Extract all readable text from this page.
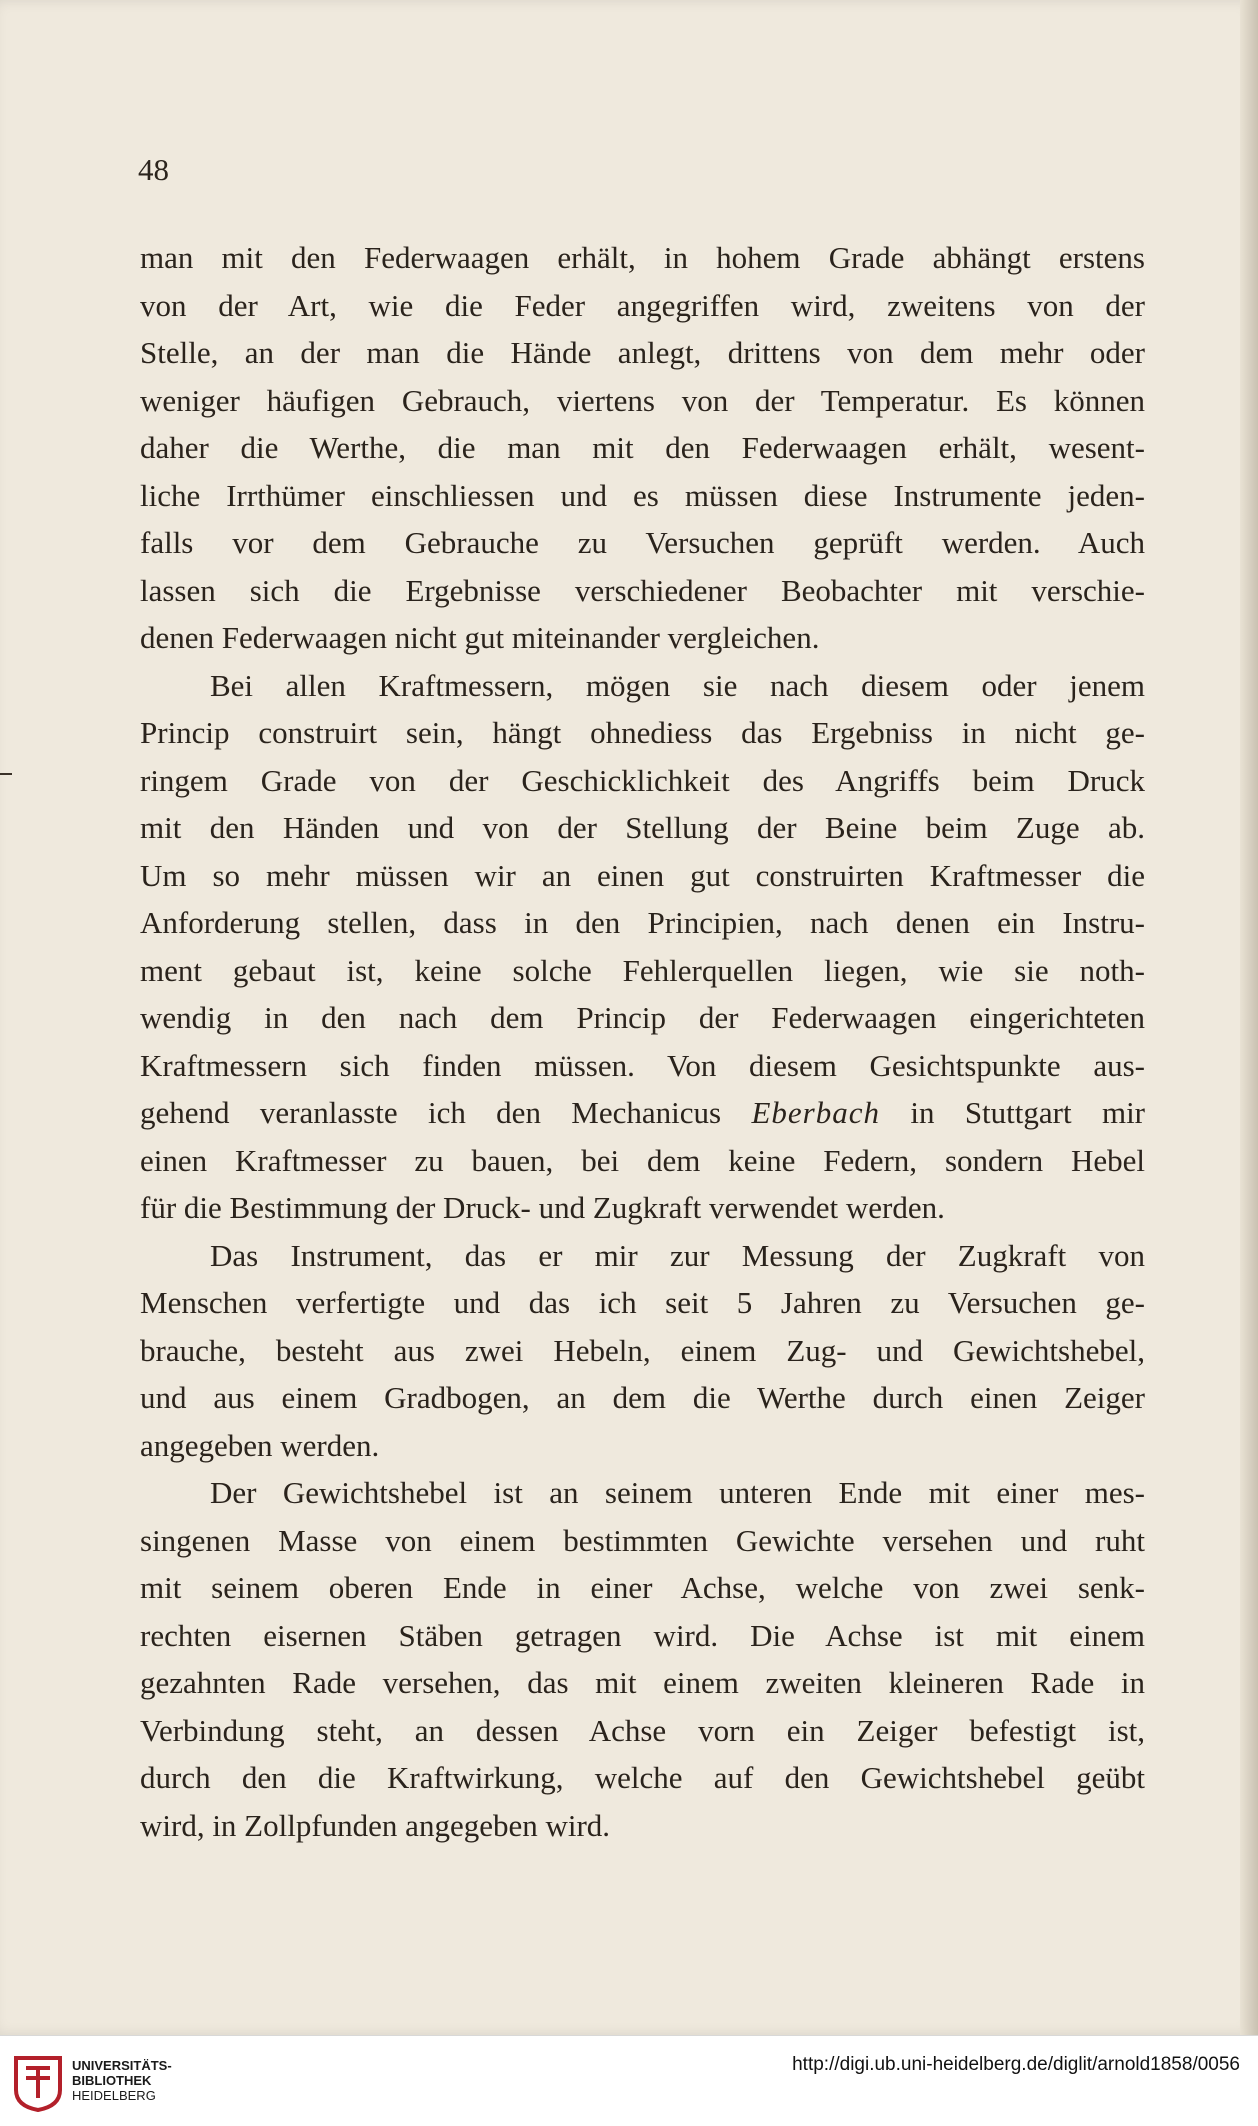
48

man mit den Federwaagen erhält, in hohem Grade abhängt erstens

von der Art, wie die Feder angegriffen wird, zweitens von der

Stelle, an der man die Hände anlegt, drittens von dem mehr oder

weniger häufigen Gebrauch, viertens von der Temperatur. Es können

daher die Werthe, die man mit den Federwaagen erhält, wesent-

liche Irrthümer einschliessen und es müssen diese Instrumente jeden-

falls vor dem Gebrauche zu Versuchen geprüft werden. Auch

lassen sich die Ergebnisse verschiedener Beobachter mit verschie-

denen Federwaagen nicht gut miteinander vergleichen.

Bei allen Kraftmessern, mögen sie nach diesem oder jenem

Princip construirt sein, hängt ohnediess das Ergebniss in nicht ge-

ringem Grade von der Geschicklichkeit des Angriffs beim Druck

mit den Händen und von der Stellung der Beine beim Zuge ab.

Um so mehr müssen wir an einen gut construirten Kraftmesser die

Anforderung stellen, dass in den Principien, nach denen ein Instru-

ment gebaut ist, keine solche Fehlerquellen liegen, wie sie noth-

wendig in den nach dem Princip der Federwaagen eingerichteten

Kraftmessern sich finden müssen. Von diesem Gesichtspunkte aus-

gehend veranlasste ich den Mechanicus Eberbach in Stuttgart mir

einen Kraftmesser zu bauen, bei dem keine Federn, sondern Hebel

für die Bestimmung der Druck- und Zugkraft verwendet werden.

Das Instrument, das er mir zur Messung der Zugkraft von

Menschen verfertigte und das ich seit 5 Jahren zu Versuchen ge-

brauche, besteht aus zwei Hebeln, einem Zug- und Gewichtshebel,

und aus einem Gradbogen, an dem die Werthe durch einen Zeiger

angegeben werden.

Der Gewichtshebel ist an seinem unteren Ende mit einer mes-

singenen Masse von einem bestimmten Gewichte versehen und ruht

mit seinem oberen Ende in einer Achse, welche von zwei senk-

rechten eisernen Stäben getragen wird. Die Achse ist mit einem

gezahnten Rade versehen, das mit einem zweiten kleineren Rade in

Verbindung steht, an dessen Achse vorn ein Zeiger befestigt ist,

durch den die Kraftwirkung, welche auf den Gewichtshebel geübt

wird, in Zollpfunden angegeben wird.

UNIVERSITÄTS-
BIBLIOTHEK
HEIDELBERG
http://digi.ub.uni-heidelberg.de/diglit/arnold1858/0056
